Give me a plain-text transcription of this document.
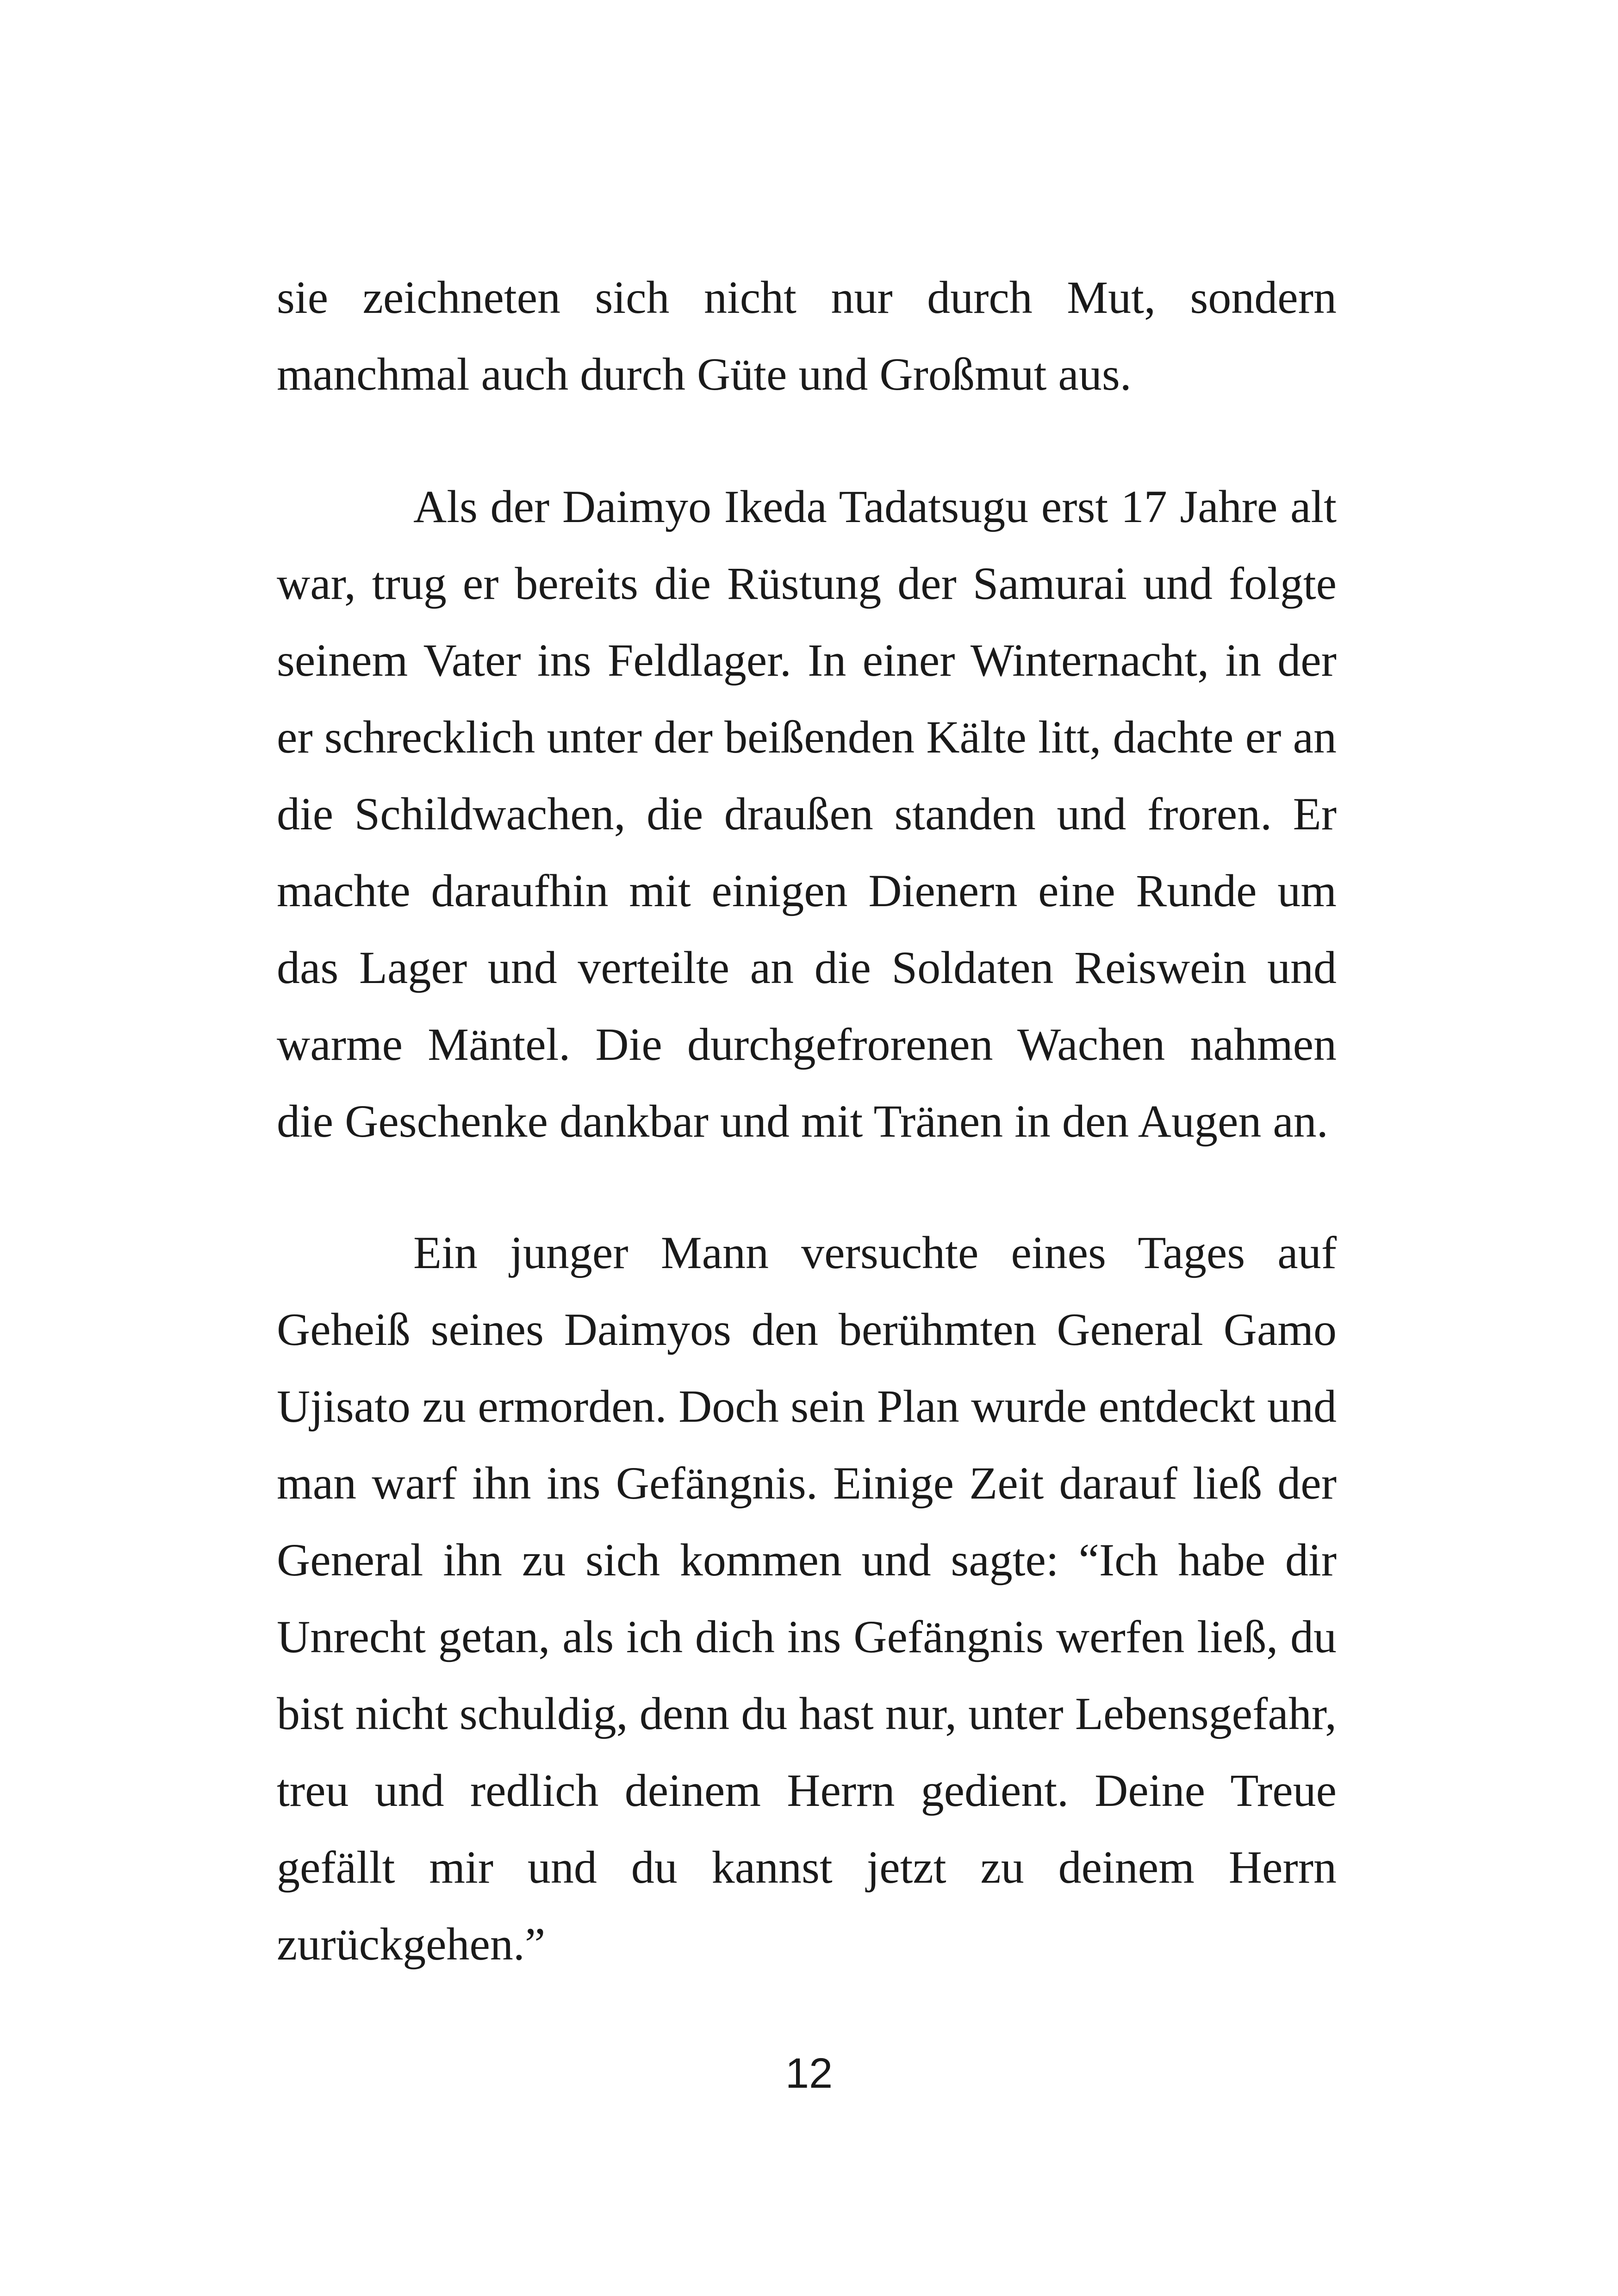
sie zeichneten sich nicht nur durch Mut, sondern manchmal auch durch Güte und Großmut aus.

Als der Daimyo Ikeda Tadatsugu erst 17 Jahre alt war, trug er bereits die Rüstung der Samurai und folgte seinem Vater ins Feldlager. In einer Winternacht, in der er schrecklich unter der beißenden Kälte litt, dachte er an die Schildwachen, die draußen standen und froren. Er machte daraufhin mit einigen Dienern eine Runde um das Lager und verteilte an die Soldaten Reiswein und warme Mäntel. Die durchgefrorenen Wachen nahmen die Geschenke dankbar und mit Tränen in den Augen an.

Ein junger Mann versuchte eines Tages auf Geheiß seines Daimyos den berühmten General Gamo Ujisato zu ermorden. Doch sein Plan wurde entdeckt und man warf ihn ins Gefängnis. Einige Zeit darauf ließ der General ihn zu sich kommen und sagte: “Ich habe dir Unrecht getan, als ich dich ins Gefängnis werfen ließ, du bist nicht schuldig, denn du hast nur, unter Lebensgefahr, treu und redlich deinem Herrn gedient. Deine Treue gefällt mir und du kannst jetzt zu deinem Herrn zurückgehen.”

12
